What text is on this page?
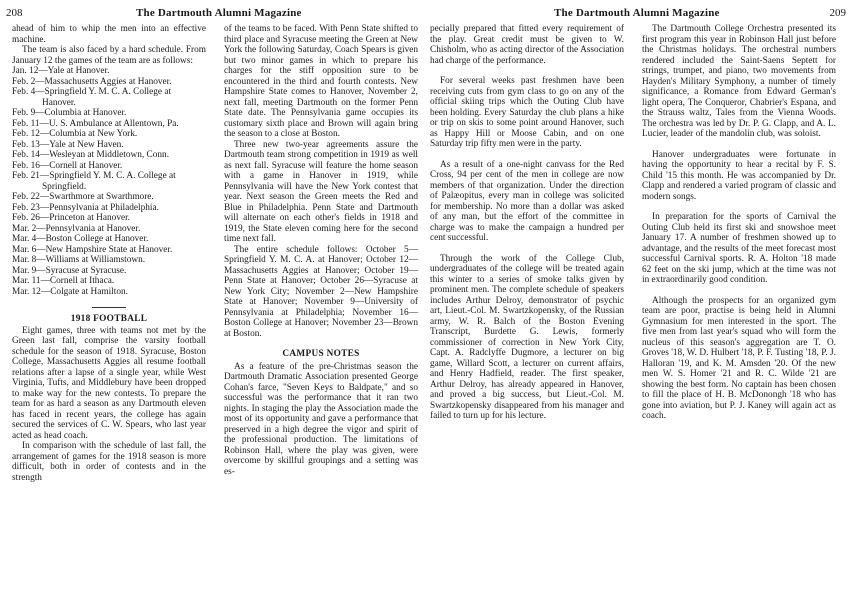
208	The Dartmouth Alumni Magazine

ahead of him to whip the men into an effective machine.

The team is also faced by a hard schedule. From January 12 the games of the team are as follows:

Jan. 12—Yale at Hanover.
Feb. 2—Massachusetts Aggies at Hanover.
Feb. 4—Springfield Y. M. C. A. College at Hanover.
Feb. 9—Columbia at Hanover.
Feb. 11—U. S. Ambulance at Allentown, Pa.
Feb. 12—Columbia at New York.
Feb. 13—Yale at New Haven.
Feb. 14—Wesleyan at Middletown, Conn.
Feb. 16—Cornell at Hanover.
Feb. 21—Springfield Y. M. C. A. College at Springfield.
Feb. 22—Swarthmore at Swarthmore.
Feb. 23—Pennsylvania at Philadelphia.
Feb. 26—Princeton at Hanover.
Mar. 2—Pennsylvania at Hanover.
Mar. 4—Boston College at Hanover.
Mar. 6—New Hampshire State at Hanover.
Mar. 8—Williams at Williamstown.
Mar. 9—Syracuse at Syracuse.
Mar. 11—Cornell at Ithaca.
Mar. 12—Colgate at Hamilton.
1918 FOOTBALL

Eight games, three with teams not met by the Green last fall, comprise the varsity football schedule for the season of 1918. Syracuse, Boston College, Massachusetts Aggies all resume football relations after a lapse of a single year, while West Virginia, Tufts, and Middlebury have been dropped to make way for the new contests. To prepare the team for as hard a season as any Dartmouth eleven has faced in recent years, the college has again secured the services of C. W. Spears, who last year acted as head coach.

In comparison with the schedule of last fall, the arrangement of games for the 1918 season is more difficult, both in order of contests and in the strength

of the teams to be faced. With Penn State shifted to third place and Syracuse meeting the Green at New York the following Saturday, Coach Spears is given but two minor games in which to prepare his charges for the stiff opposition sure to be encountered in the third and fourth contests. New Hampshire State comes to Hanover, November 2, next fall, meeting Dartmouth on the former Penn State date. The Pennsylvania game occupies its customary sixth place and Brown will again bring the season to a close at Boston.

Three new two-year agreements assure the Dartmouth team strong competition in 1919 as well as next fall. Syracuse will feature the home season with a game in Hanover in 1919, while Pennsylvania will have the New York contest that year. Next season the Green meets the Red and Blue in Philadelphia. Penn State and Dartmouth will alternate on each other's fields in 1918 and 1919, the State eleven coming here for the second time next fall.

The entire schedule follows: October 5—Springfield Y. M. C. A. at Hanover; October 12—Massachusetts Aggies at Hanover; October 19—Penn State at Hanover; October 26—Syracuse at New York City; November 2—New Hampshire State at Hanover; November 9—University of Pennsylvania at Philadelphia; November 16—Boston College at Hanover; November 23—Brown at Boston.

CAMPUS NOTES

As a feature of the pre-Christmas season the Dartmouth Dramatic Association presented George Cohan's farce, "Seven Keys to Baldpate," and so successful was the performance that it ran two nights. In staging the play the Association made the most of its opportunity and gave a performance that preserved in a high degree the vigor and spirit of the professional production. The limitations of Robinson Hall, where the play was given, were overcome by skillful groupings and a setting was es-

The Dartmouth Alumni Magazine	209

pecially prepared that fitted every requirement of the play. Great credit must be given to W. Chisholm, who as acting director of the Association had charge of the performance.

For several weeks past freshmen have been receiving cuts from gym class to go on any of the official skiing trips which the Outing Club have been holding. Every Saturday the club plans a hike or trip on skis to some point around Hanover, such as Happy Hill or Moose Cabin, and on one Saturday trip fifty men were in the party.

As a result of a one-night canvass for the Red Cross, 94 per cent of the men in college are now members of that organization. Under the direction of Palæopitus, every man in college was solicited for membership. No more than a dollar was asked of any man, but the effort of the committee in charge was to make the campaign a hundred per cent successful.

Through the work of the College Club, undergraduates of the college will be treated again this winter to a series of smoke talks given by prominent men. The complete schedule of speakers includes Arthur Delroy, demonstrator of psychic art, Lieut.-Col. M. Swartzkopensky, of the Russian army, W. R. Balch of the Boston Evening Transcript, Burdette G. Lewis, formerly commissioner of correction in New York City, Capt. A. Radclyffe Dugmore, a lecturer on big game, Willard Scott, a lecturer on current affairs, and Henry Hadfield, reader. The first speaker, Arthur Delroy, has already appeared in Hanover, and proved a big success, but Lieut.-Col. M. Swartzkopensky disappeared from his manager and failed to turn up for his lecture.

The Dartmouth College Orchestra presented its first program this year in Robinson Hall just before the Christmas holidays. The orchestral numbers rendered included the Saint-Saens Septett for strings, trumpet, and piano, two movements from Hayden's Military Symphony, a number of timely significance, a Romance from Edward German's light opera, The Conqueror, Chabrier's Espana, and the Strauss waltz, Tales from the Vienna Woods. The orchestra was led by Dr. P. G. Clapp, and A. L. Lucier, leader of the mandolin club, was soloist.

Hanover undergraduates were fortunate in having the opportunity to hear a recital by F. S. Child '15 this month. He was accompanied by Dr. Clapp and rendered a varied program of classic and modern songs.

In preparation for the sports of Carnival the Outing Club held its first ski and snowshoe meet January 17. A number of freshmen showed up to advantage, and the results of the meet forecast most successful Carnival sports. R. A. Holton '18 made 62 feet on the ski jump, which at the time was not in extraordinarily good condition.

Although the prospects for an organized gym team are poor, practise is being held in Alumni Gymnasium for men interested in the sport. The five men from last year's squad who will form the nucleus of this season's aggregation are T. O. Groves '18, W. D. Hulbert '18, P. F. Tusting '18, P. J. Halloran '19, and K. M. Amsden '20. Of the new men W. S. Homer '21 and R. C. Wilde '21 are showing the best form. No captain has been chosen to fill the place of H. B. McDonongh '18 who has gone into aviation, but P. J. Kaney will again act as coach.
